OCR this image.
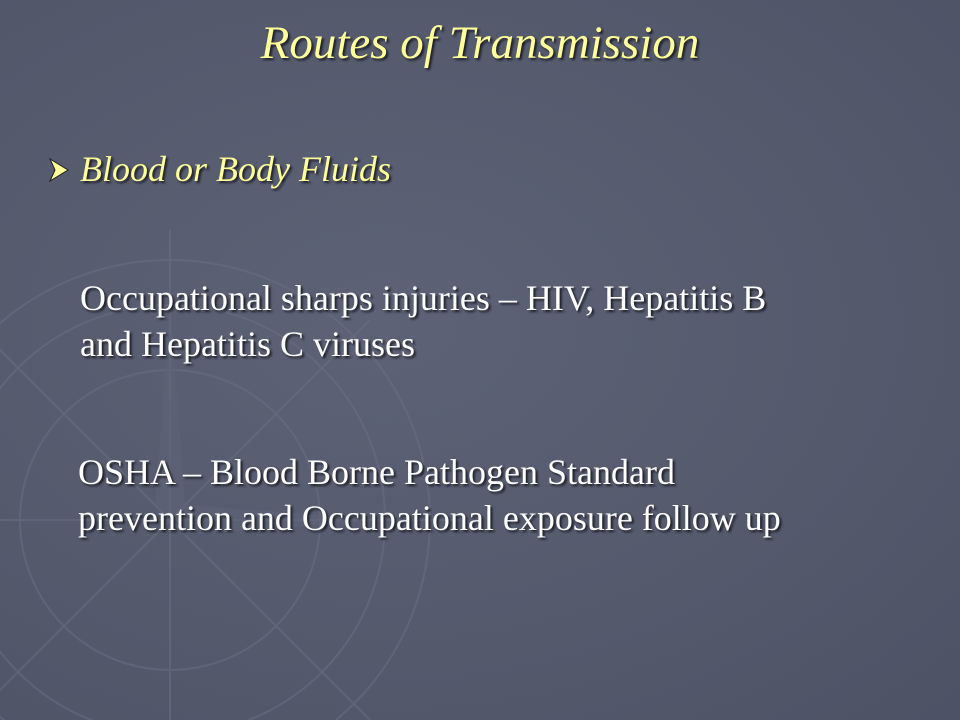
Routes of Transmission
Blood or Body Fluids

Occupational sharps injuries – HIV, Hepatitis B
and Hepatitis C viruses

OSHA – Blood Borne Pathogen Standard
prevention and Occupational exposure follow up
